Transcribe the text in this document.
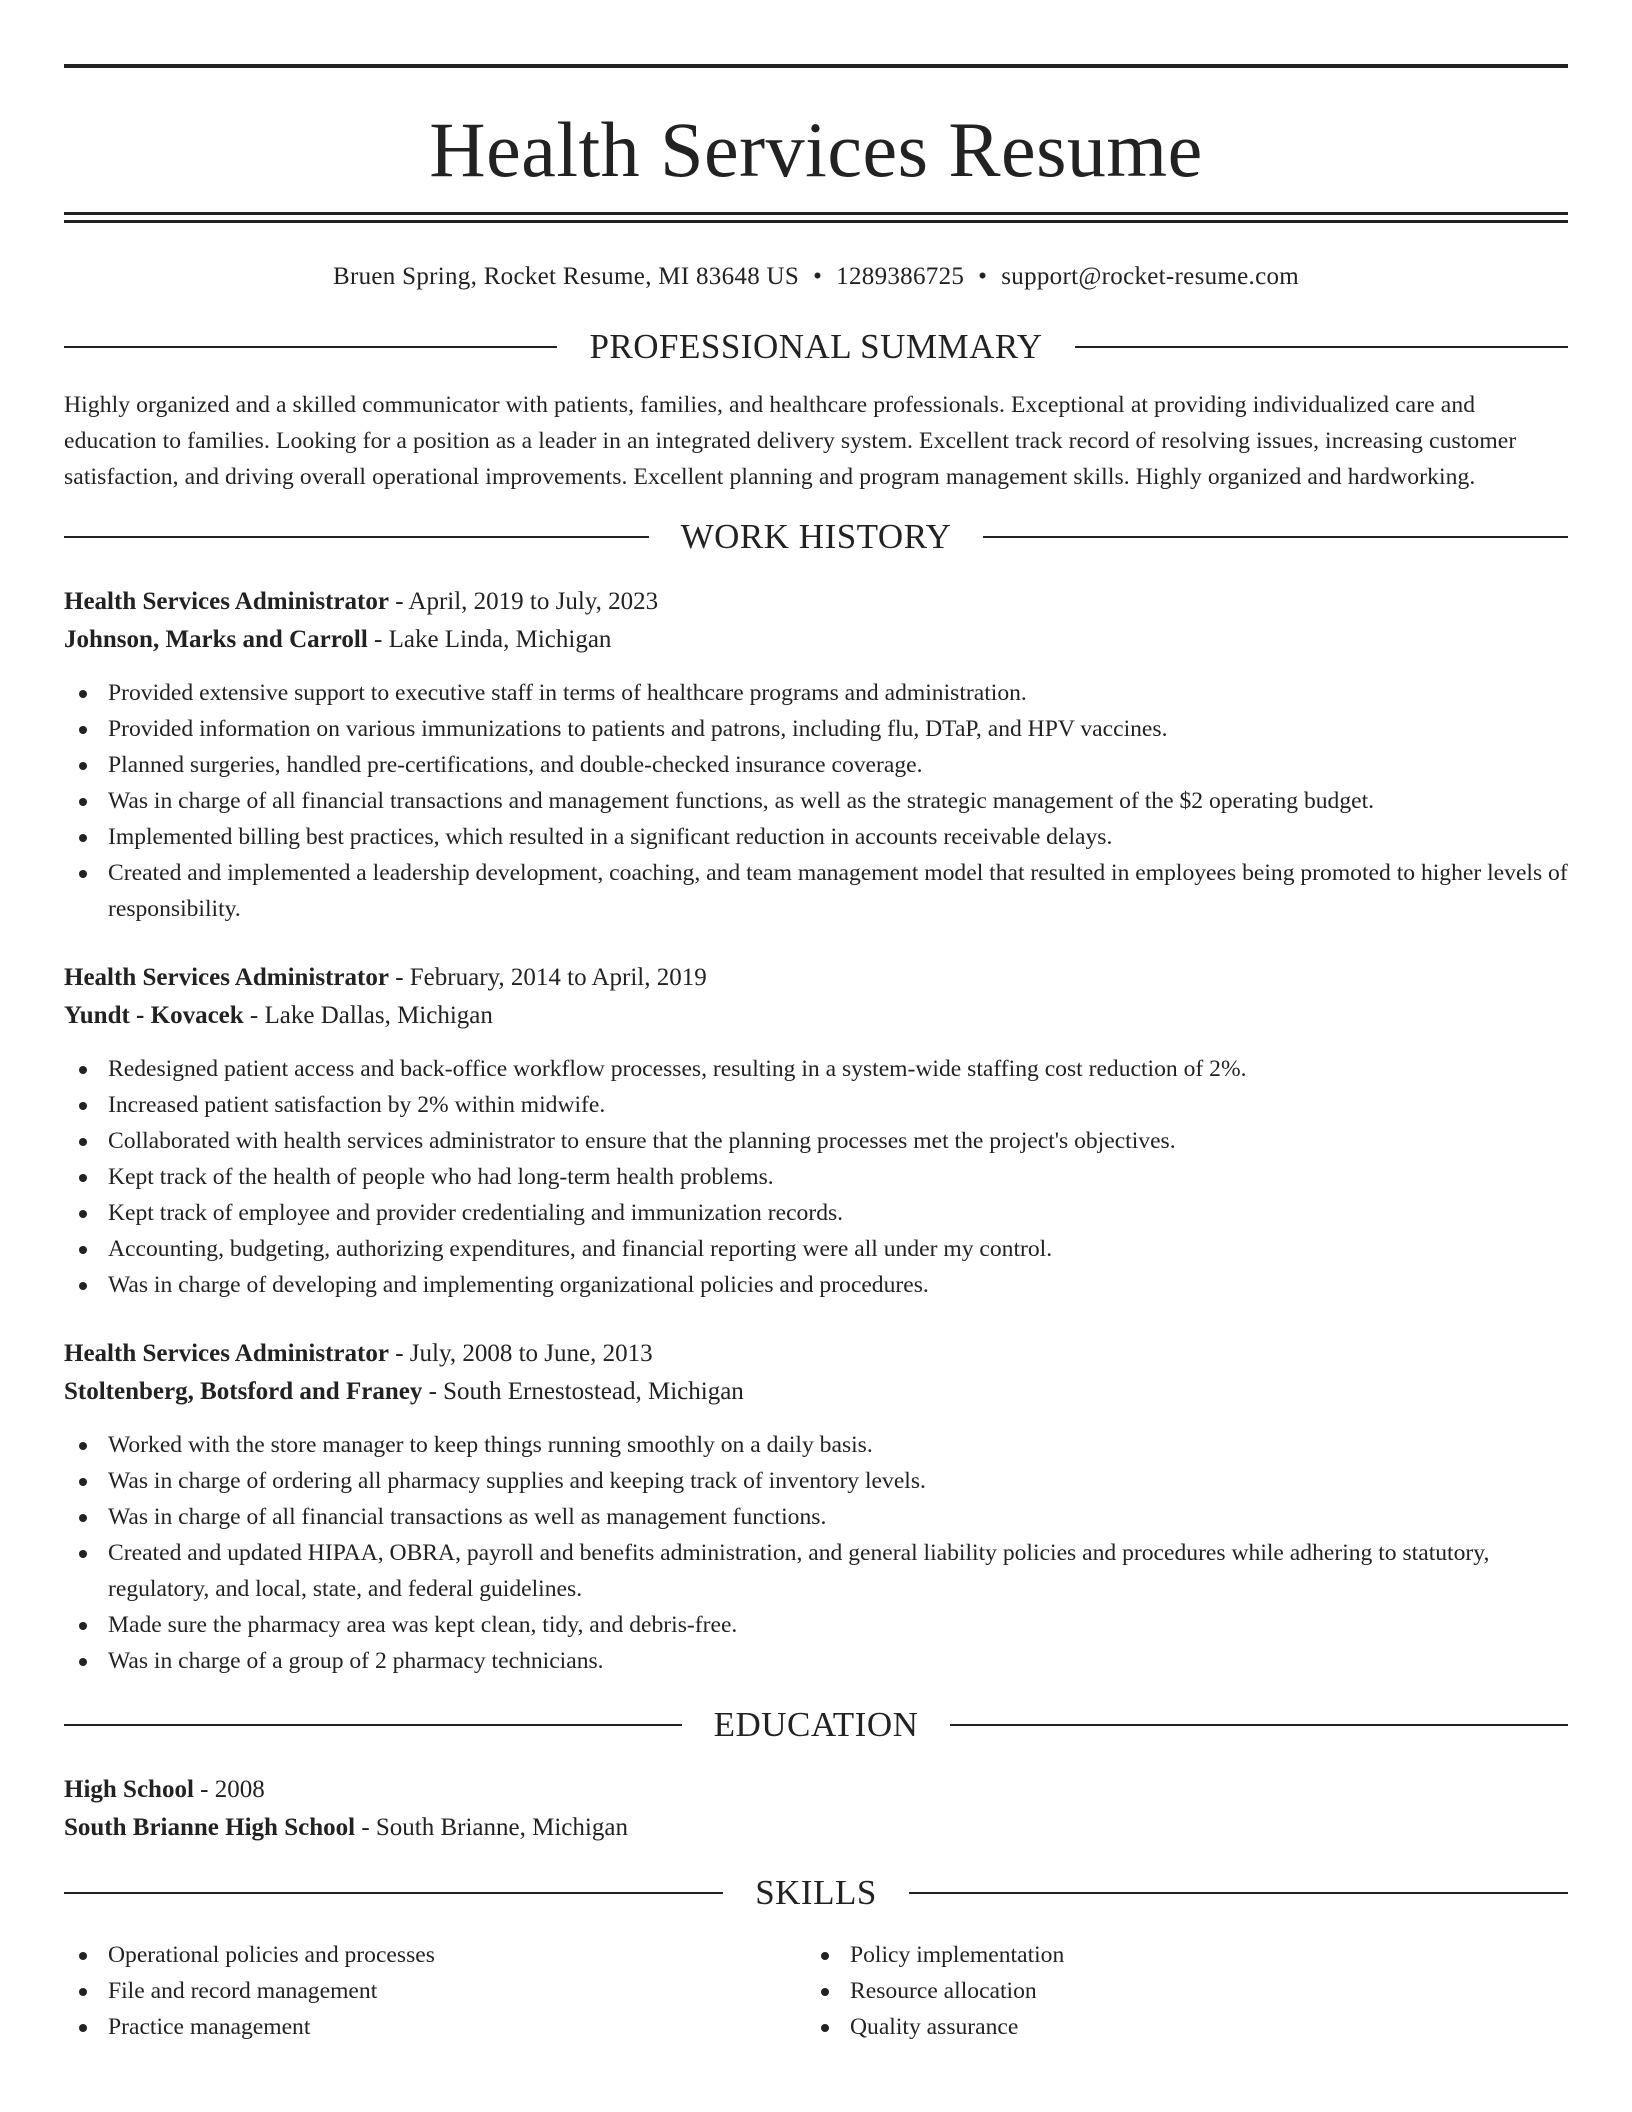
Health Services Resume
Bruen Spring, Rocket Resume, MI 83648 US • 1289386725 • support@rocket-resume.com
PROFESSIONAL SUMMARY

Highly organized and a skilled communicator with patients, families, and healthcare professionals. Exceptional at providing individualized care and education to families. Looking for a position as a leader in an integrated delivery system. Excellent track record of resolving issues, increasing customer satisfaction, and driving overall operational improvements. Excellent planning and program management skills. Highly organized and hardworking.

WORK HISTORY
Health Services Administrator - April, 2019 to July, 2023
Johnson, Marks and Carroll - Lake Linda, Michigan
Provided extensive support to executive staff in terms of healthcare programs and administration.
Provided information on various immunizations to patients and patrons, including flu, DTaP, and HPV vaccines.
Planned surgeries, handled pre-certifications, and double-checked insurance coverage.
Was in charge of all financial transactions and management functions, as well as the strategic management of the $2 operating budget.
Implemented billing best practices, which resulted in a significant reduction in accounts receivable delays.
Created and implemented a leadership development, coaching, and team management model that resulted in employees being promoted to higher levels of responsibility.
Health Services Administrator - February, 2014 to April, 2019
Yundt - Kovacek - Lake Dallas, Michigan
Redesigned patient access and back-office workflow processes, resulting in a system-wide staffing cost reduction of 2%.
Increased patient satisfaction by 2% within midwife.
Collaborated with health services administrator to ensure that the planning processes met the project's objectives.
Kept track of the health of people who had long-term health problems.
Kept track of employee and provider credentialing and immunization records.
Accounting, budgeting, authorizing expenditures, and financial reporting were all under my control.
Was in charge of developing and implementing organizational policies and procedures.
Health Services Administrator - July, 2008 to June, 2013
Stoltenberg, Botsford and Franey - South Ernestostead, Michigan
Worked with the store manager to keep things running smoothly on a daily basis.
Was in charge of ordering all pharmacy supplies and keeping track of inventory levels.
Was in charge of all financial transactions as well as management functions.
Created and updated HIPAA, OBRA, payroll and benefits administration, and general liability policies and procedures while adhering to statutory, regulatory, and local, state, and federal guidelines.
Made sure the pharmacy area was kept clean, tidy, and debris-free.
Was in charge of a group of 2 pharmacy technicians.
EDUCATION
High School - 2008
South Brianne High School - South Brianne, Michigan
SKILLS
Operational policies and processes
File and record management
Practice management
Policy implementation
Resource allocation
Quality assurance
